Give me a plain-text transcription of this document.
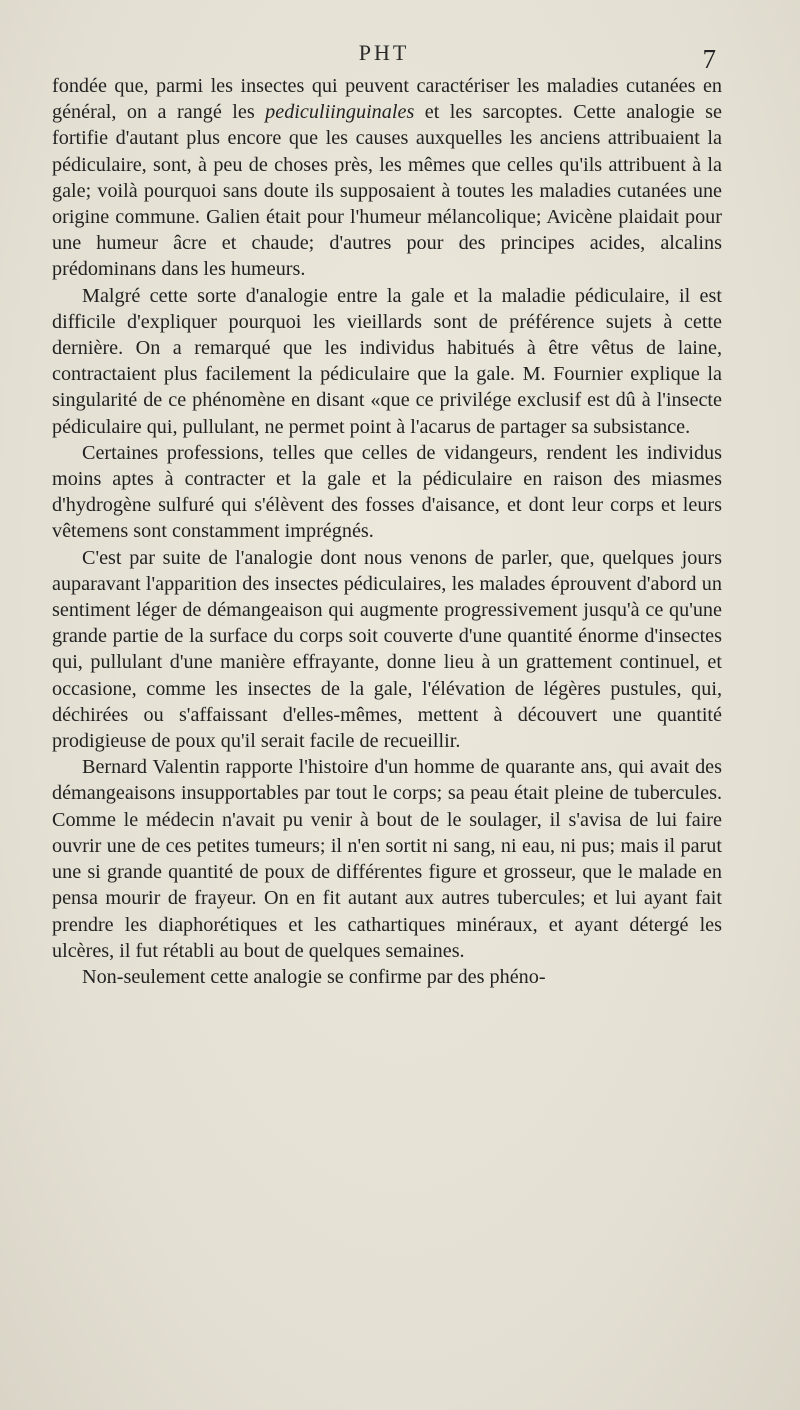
PHT	7

fondée que, parmi les insectes qui peuvent caractériser les maladies cutanées en général, on a rangé les pediculiinguinales et les sarcoptes. Cette analogie se fortifie d'autant plus encore que les causes auxquelles les anciens attribuaient la pédiculaire, sont, à peu de choses près, les mêmes que celles qu'ils attribuent à la gale; voilà pourquoi sans doute ils supposaient à toutes les maladies cutanées une origine commune. Galien était pour l'humeur mélancolique; Avicène plaidait pour une humeur âcre et chaude; d'autres pour des principes acides, alcalins prédominans dans les humeurs.

Malgré cette sorte d'analogie entre la gale et la maladie pédiculaire, il est difficile d'expliquer pourquoi les vieillards sont de préférence sujets à cette dernière. On a remarqué que les individus habitués à être vêtus de laine, contractaient plus facilement la pédiculaire que la gale. M. Fournier explique la singularité de ce phénomène en disant «que ce privilége exclusif est dû à l'insecte pédiculaire qui, pullulant, ne permet point à l'acarus de partager sa subsistance.

Certaines professions, telles que celles de vidangeurs, rendent les individus moins aptes à contracter et la gale et la pédiculaire en raison des miasmes d'hydrogène sulfuré qui s'élèvent des fosses d'aisance, et dont leur corps et leurs vêtemens sont constamment imprégnés.

C'est par suite de l'analogie dont nous venons de parler, que, quelques jours auparavant l'apparition des insectes pédiculaires, les malades éprouvent d'abord un sentiment léger de démangeaison qui augmente progressivement jusqu'à ce qu'une grande partie de la surface du corps soit couverte d'une quantité énorme d'insectes qui, pullulant d'une manière effrayante, donne lieu à un grattement continuel, et occasione, comme les insectes de la gale, l'élévation de légères pustules, qui, déchirées ou s'affaissant d'elles-mêmes, mettent à découvert une quantité prodigieuse de poux qu'il serait facile de recueillir.

Bernard Valentin rapporte l'histoire d'un homme de quarante ans, qui avait des démangeaisons insupportables par tout le corps; sa peau était pleine de tubercules. Comme le médecin n'avait pu venir à bout de le soulager, il s'avisa de lui faire ouvrir une de ces petites tumeurs; il n'en sortit ni sang, ni eau, ni pus; mais il parut une si grande quantité de poux de différentes figure et grosseur, que le malade en pensa mourir de frayeur. On en fit autant aux autres tubercules; et lui ayant fait prendre les diaphorétiques et les cathartiques minéraux, et ayant détergé les ulcères, il fut rétabli au bout de quelques semaines.

Non-seulement cette analogie se confirme par des phéno-
